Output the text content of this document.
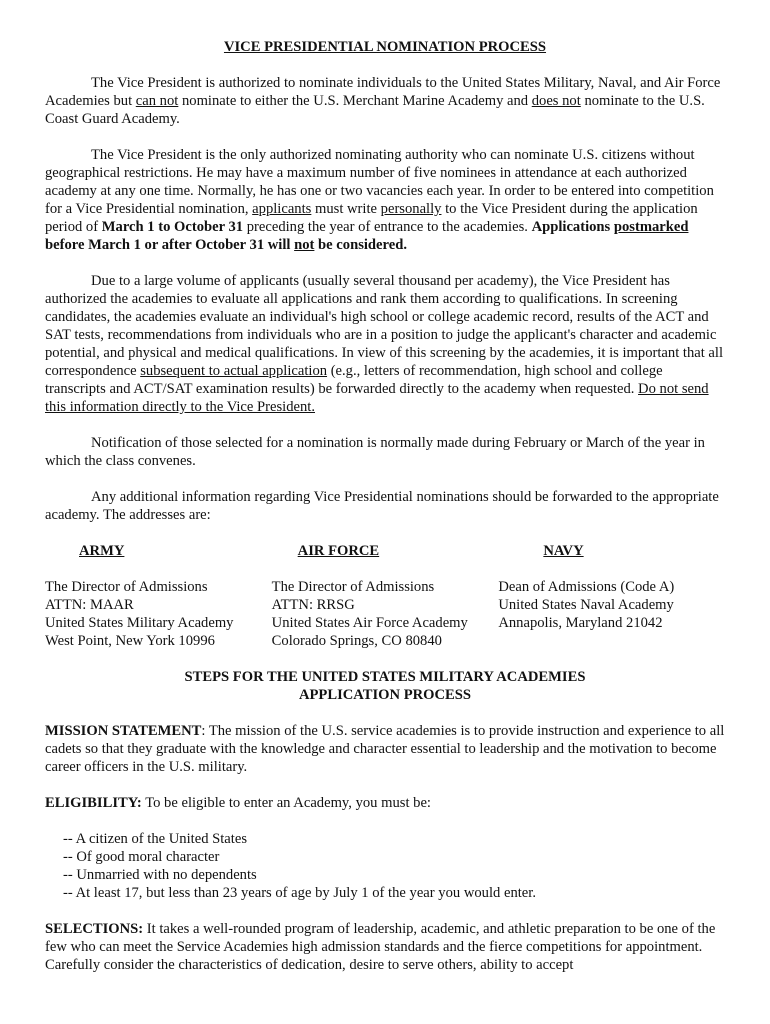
VICE PRESIDENTIAL NOMINATION PROCESS

The Vice President is authorized to nominate individuals to the United States Military, Naval, and Air Force Academies but can not nominate to either the U.S. Merchant Marine Academy and does not nominate to the U.S. Coast Guard Academy.

The Vice President is the only authorized nominating authority who can nominate U.S. citizens without geographical restrictions. He may have a maximum number of five nominees in attendance at each authorized academy at any one time. Normally, he has one or two vacancies each year. In order to be entered into competition for a Vice Presidential nomination, applicants must write personally to the Vice President during the application period of March 1 to October 31 preceding the year of entrance to the academies. Applications postmarked before March 1 or after October 31 will not be considered.

Due to a large volume of applicants (usually several thousand per academy), the Vice President has authorized the academies to evaluate all applications and rank them according to qualifications. In screening candidates, the academies evaluate an individual's high school or college academic record, results of the ACT and SAT tests, recommendations from individuals who are in a position to judge the applicant's character and academic potential, and physical and medical qualifications. In view of this screening by the academies, it is important that all correspondence subsequent to actual application (e.g., letters of recommendation, high school and college transcripts and ACT/SAT examination results) be forwarded directly to the academy when requested. Do not send this information directly to the Vice President.

Notification of those selected for a nomination is normally made during February or March of the year in which the class convenes.

Any additional information regarding Vice Presidential nominations should be forwarded to the appropriate academy. The addresses are:

ARMY
The Director of Admissions
ATTN: MAAR
United States Military Academy
West Point, New York 10996
AIR FORCE
The Director of Admissions
ATTN: RRSG
United States Air Force Academy
Colorado Springs, CO 80840
NAVY
Dean of Admissions (Code A)
United States Naval Academy
Annapolis, Maryland 21042
STEPS FOR THE UNITED STATES MILITARY ACADEMIES
APPLICATION PROCESS

MISSION STATEMENT: The mission of the U.S. service academies is to provide instruction and experience to all cadets so that they graduate with the knowledge and character essential to leadership and the motivation to become career officers in the U.S. military.

ELIGIBILITY: To be eligible to enter an Academy, you must be:

-- A citizen of the United States
-- Of good moral character
-- Unmarried with no dependents
-- At least 17, but less than 23 years of age by July 1 of the year you would enter.

SELECTIONS: It takes a well-rounded program of leadership, academic, and athletic preparation to be one of the few who can meet the Service Academies high admission standards and the fierce competitions for appointment. Carefully consider the characteristics of dedication, desire to serve others, ability to accept
